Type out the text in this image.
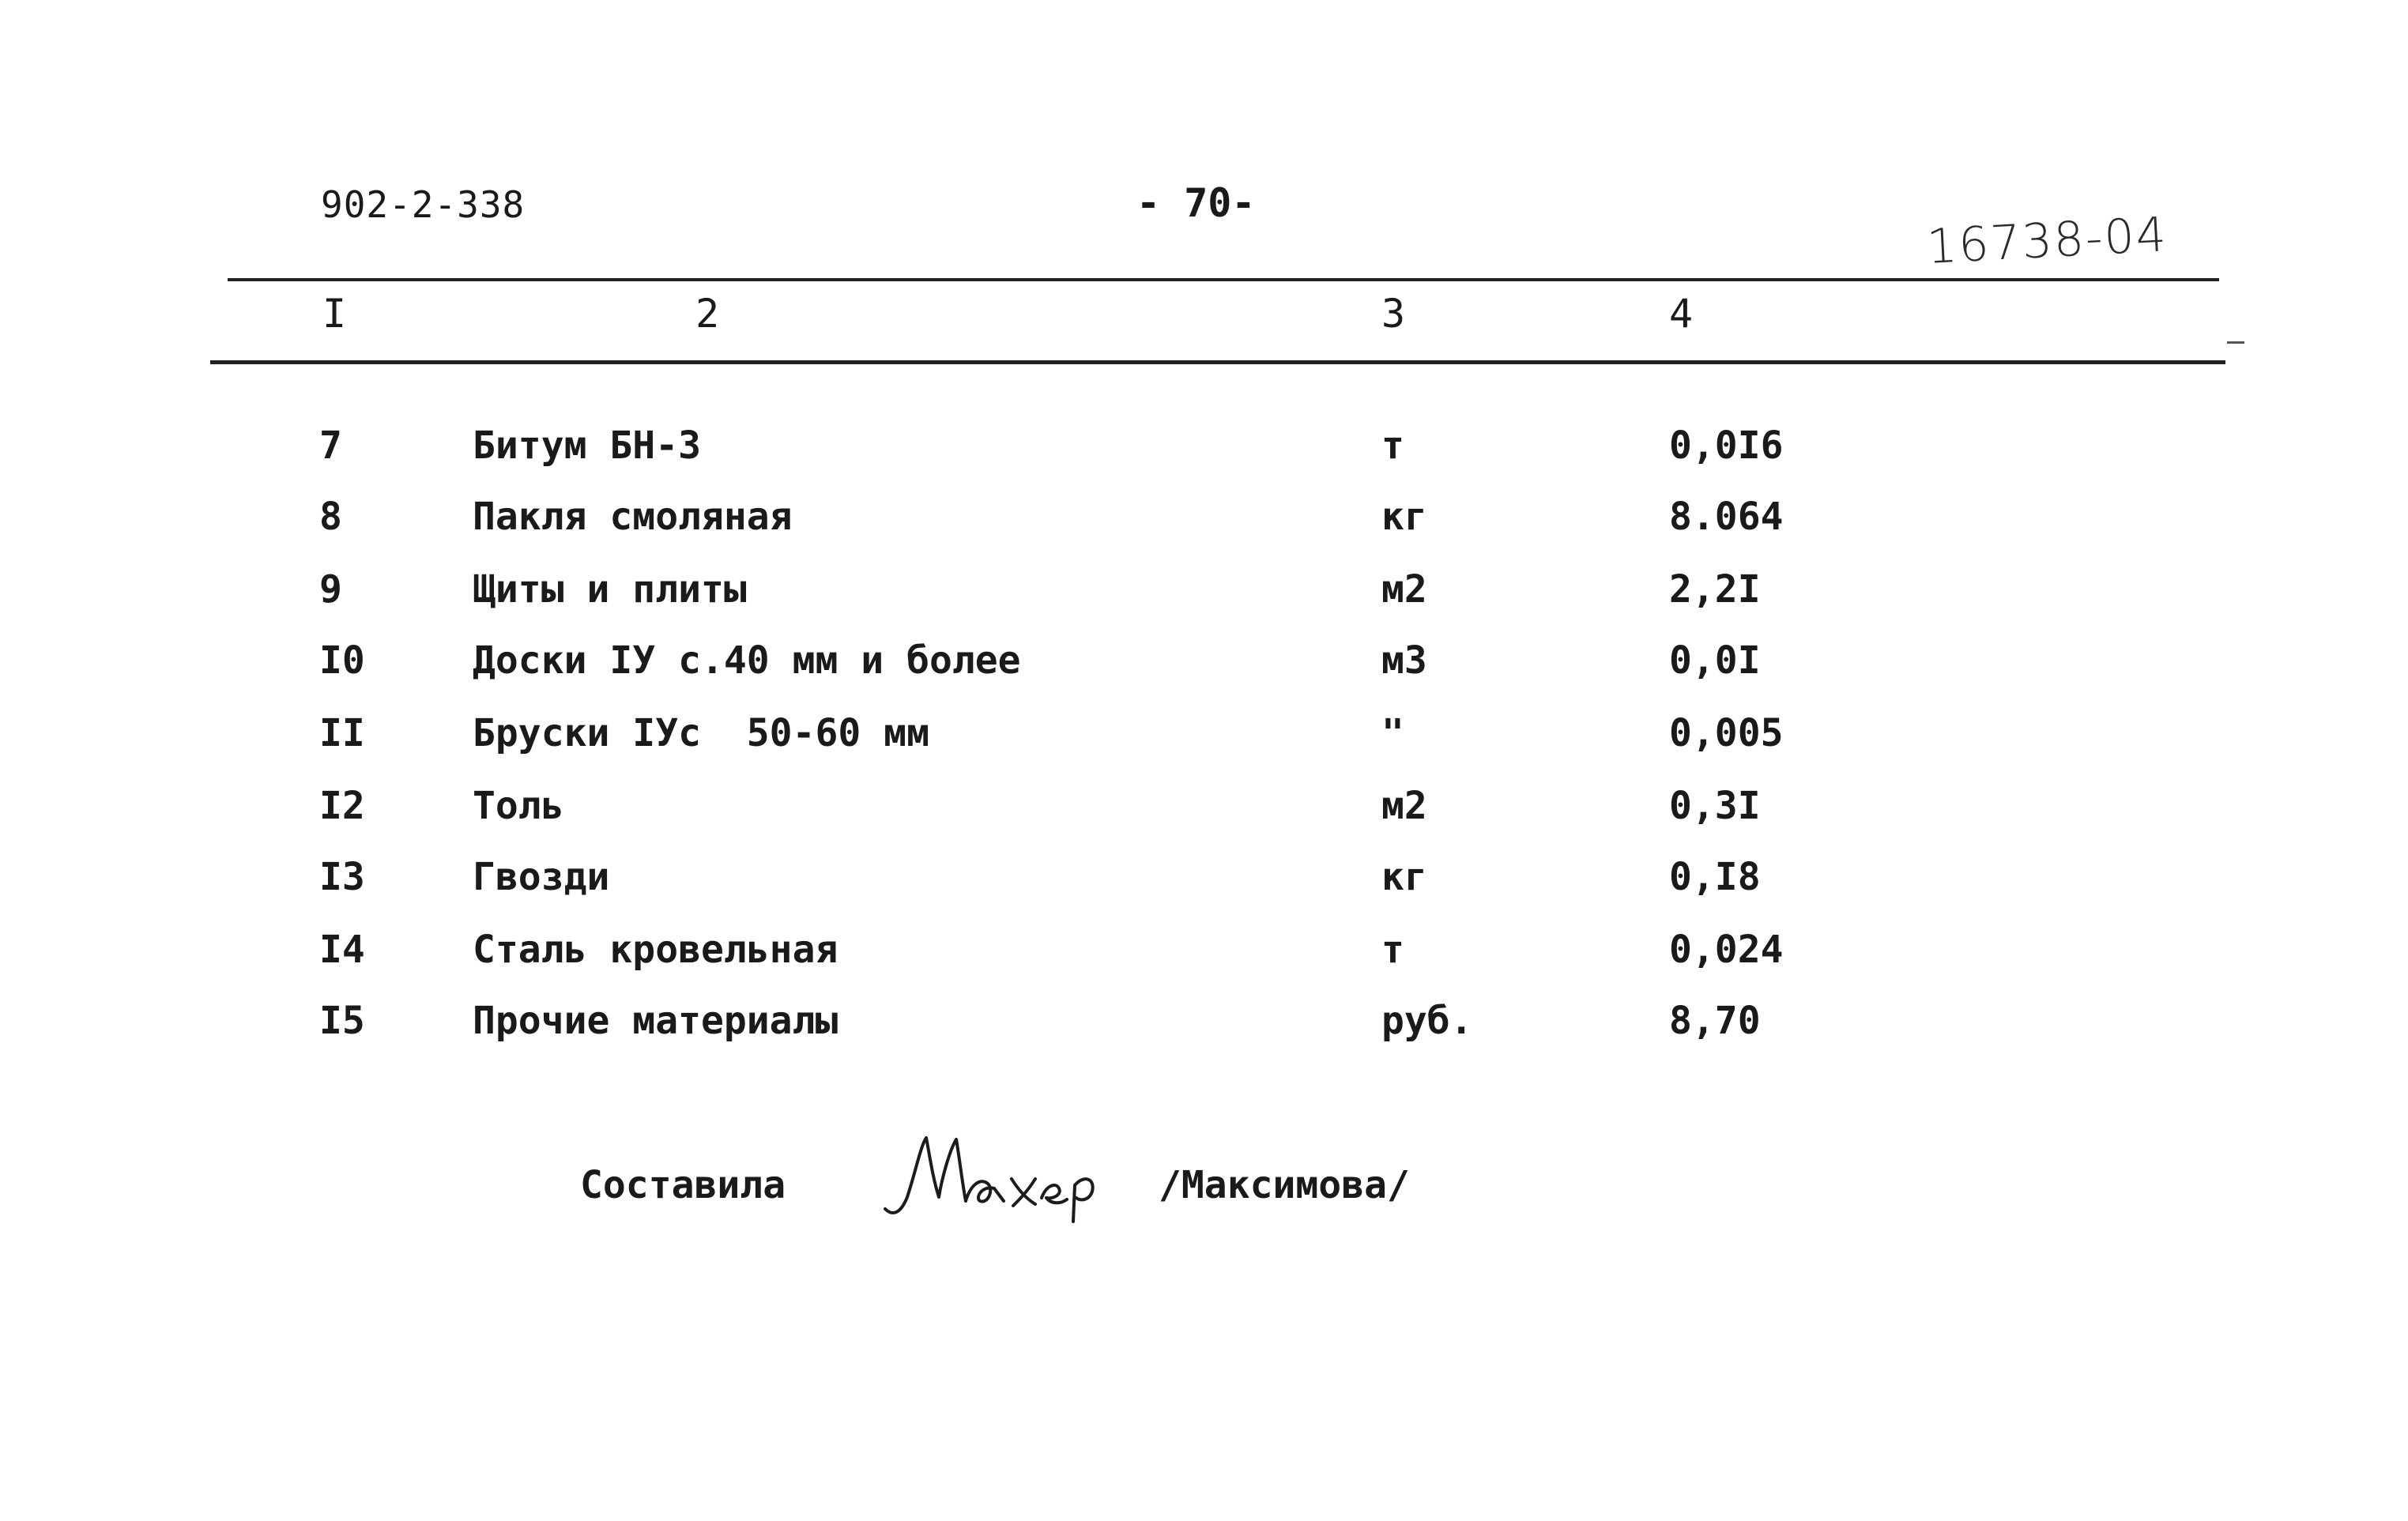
902-2-338	- 70-
16738-04
I	2	3	4
7	Битум БН-3	т	0,0I6
8	Пакля смоляная	кг	8.064
9	Щиты и плиты	м2	2,2I
I0	Доски IУ с.40 мм и более	м3	0,0I
II	Бруски IУс  50-60 мм	"	0,005
I2	Толь	м2	0,3I
I3	Гвозди	кг	0,I8
I4	Сталь кровельная	т	0,024
I5	Прочие материалы	руб.	8,70
Составила	/Максимова/
